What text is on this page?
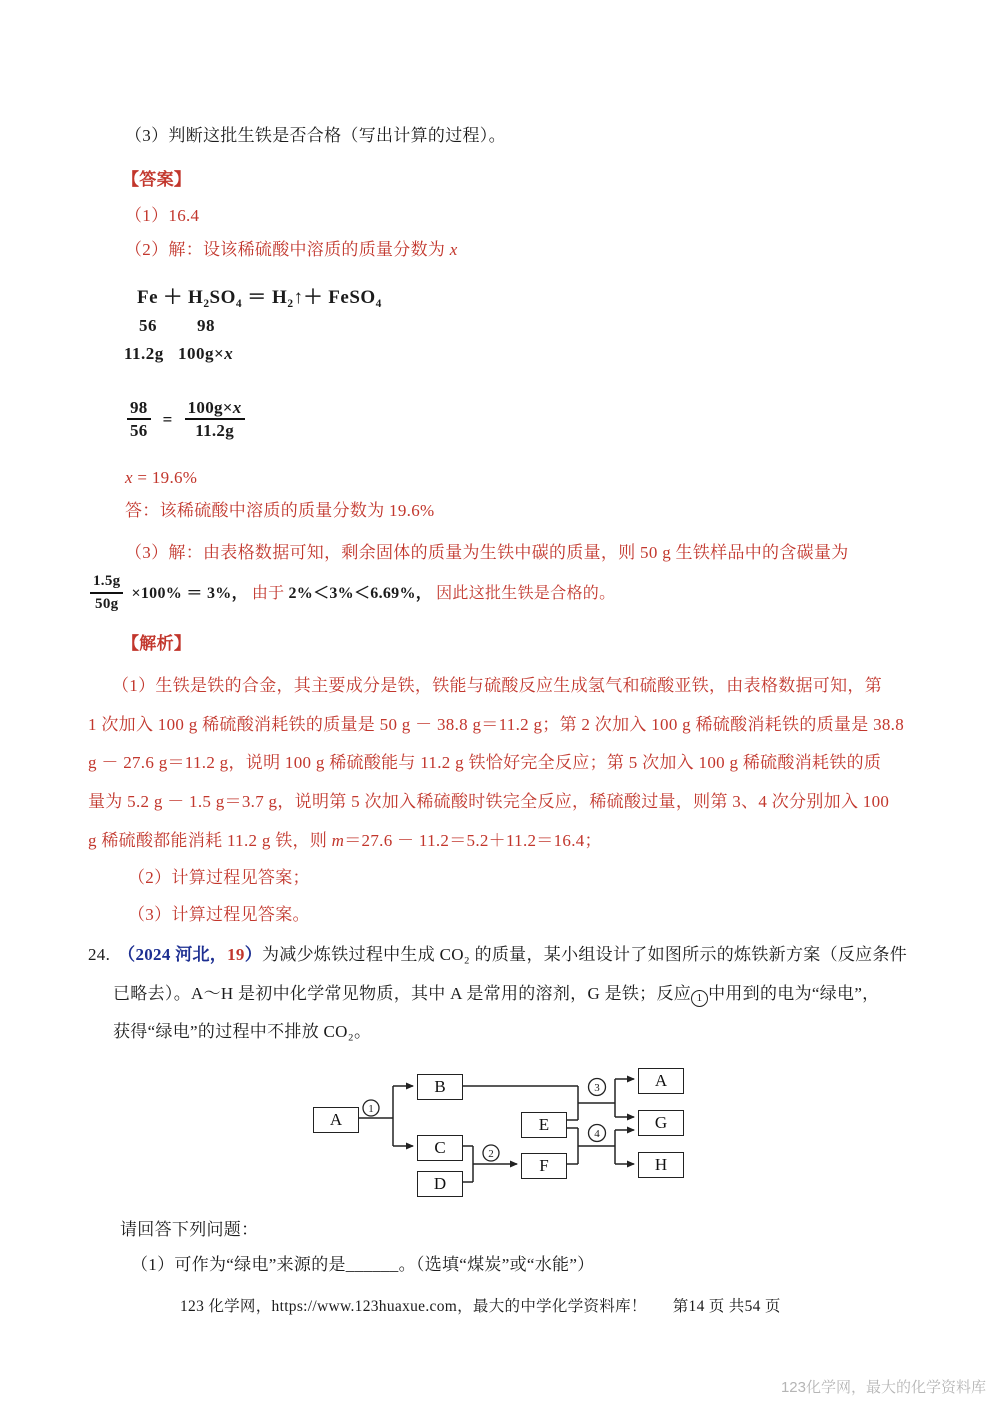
（3）判断这批生铁是否合格（写出计算的过程）。
【答案】
（1）16.4
（2）解：设该稀硫酸中溶质的质量分数为 x
Fe ＋ H₂SO₄ ＝ H₂↑＋ FeSO₄
56 98
11.2g 100g×x
$\frac{98}{56} = \frac{100g\times x}{11.2g}$
x = 19.6%
答：该稀硫酸中溶质的质量分数为 19.6%
（3）解：由表格数据可知，剩余固体的质量为生铁中碳的质量，则 50 g 生铁样品中的含碳量为
$\frac{1.5g}{50g} \times 100\% = 3\%$， 由于 2%＜3%＜6.69%， 因此这批生铁是合格的。
【解析】
（1）生铁是铁的合金，其主要成分是铁，铁能与硫酸反应生成氢气和硫酸亚铁，由表格数据可知，第
1 次加入 100 g 稀硫酸消耗铁的质量是 50 g － 38.8 g＝11.2 g；第 2 次加入 100 g 稀硫酸消耗铁的质量是 38.8
g － 27.6 g＝11.2 g，说明 100 g 稀硫酸能与 11.2 g 铁恰好完全反应；第 5 次加入 100 g 稀硫酸消耗铁的质
量为 5.2 g － 1.5 g＝3.7 g，说明第 5 次加入稀硫酸时铁完全反应，稀硫酸过量，则第 3、4 次分别加入 100
g 稀硫酸都能消耗 11.2 g 铁，则 m＝27.6 － 11.2＝5.2＋11.2＝16.4；
（2）计算过程见答案；
（3）计算过程见答案。
24. （2024 河北，19）为减少炼铁过程中生成 CO₂ 的质量，某小组设计了如图所示的炼铁新方案（反应条件
已略去）。A～H 是初中化学常见物质，其中 A 是常用的溶剂，G 是铁；反应 1 中用到的电为“绿电”，
获得“绿电”的过程中不排放 CO₂。
1
2
3
4
A
B
C
D
E
F
A
G
H
请回答下列问题：
（1）可作为“绿电”来源的是______。（选填“煤炭”或“水能”）
123 化学网，https://www.123huaxue.com，最大的中学化学资料库！ 第14 页 共54 页
123化学网，最大的化学资料库
